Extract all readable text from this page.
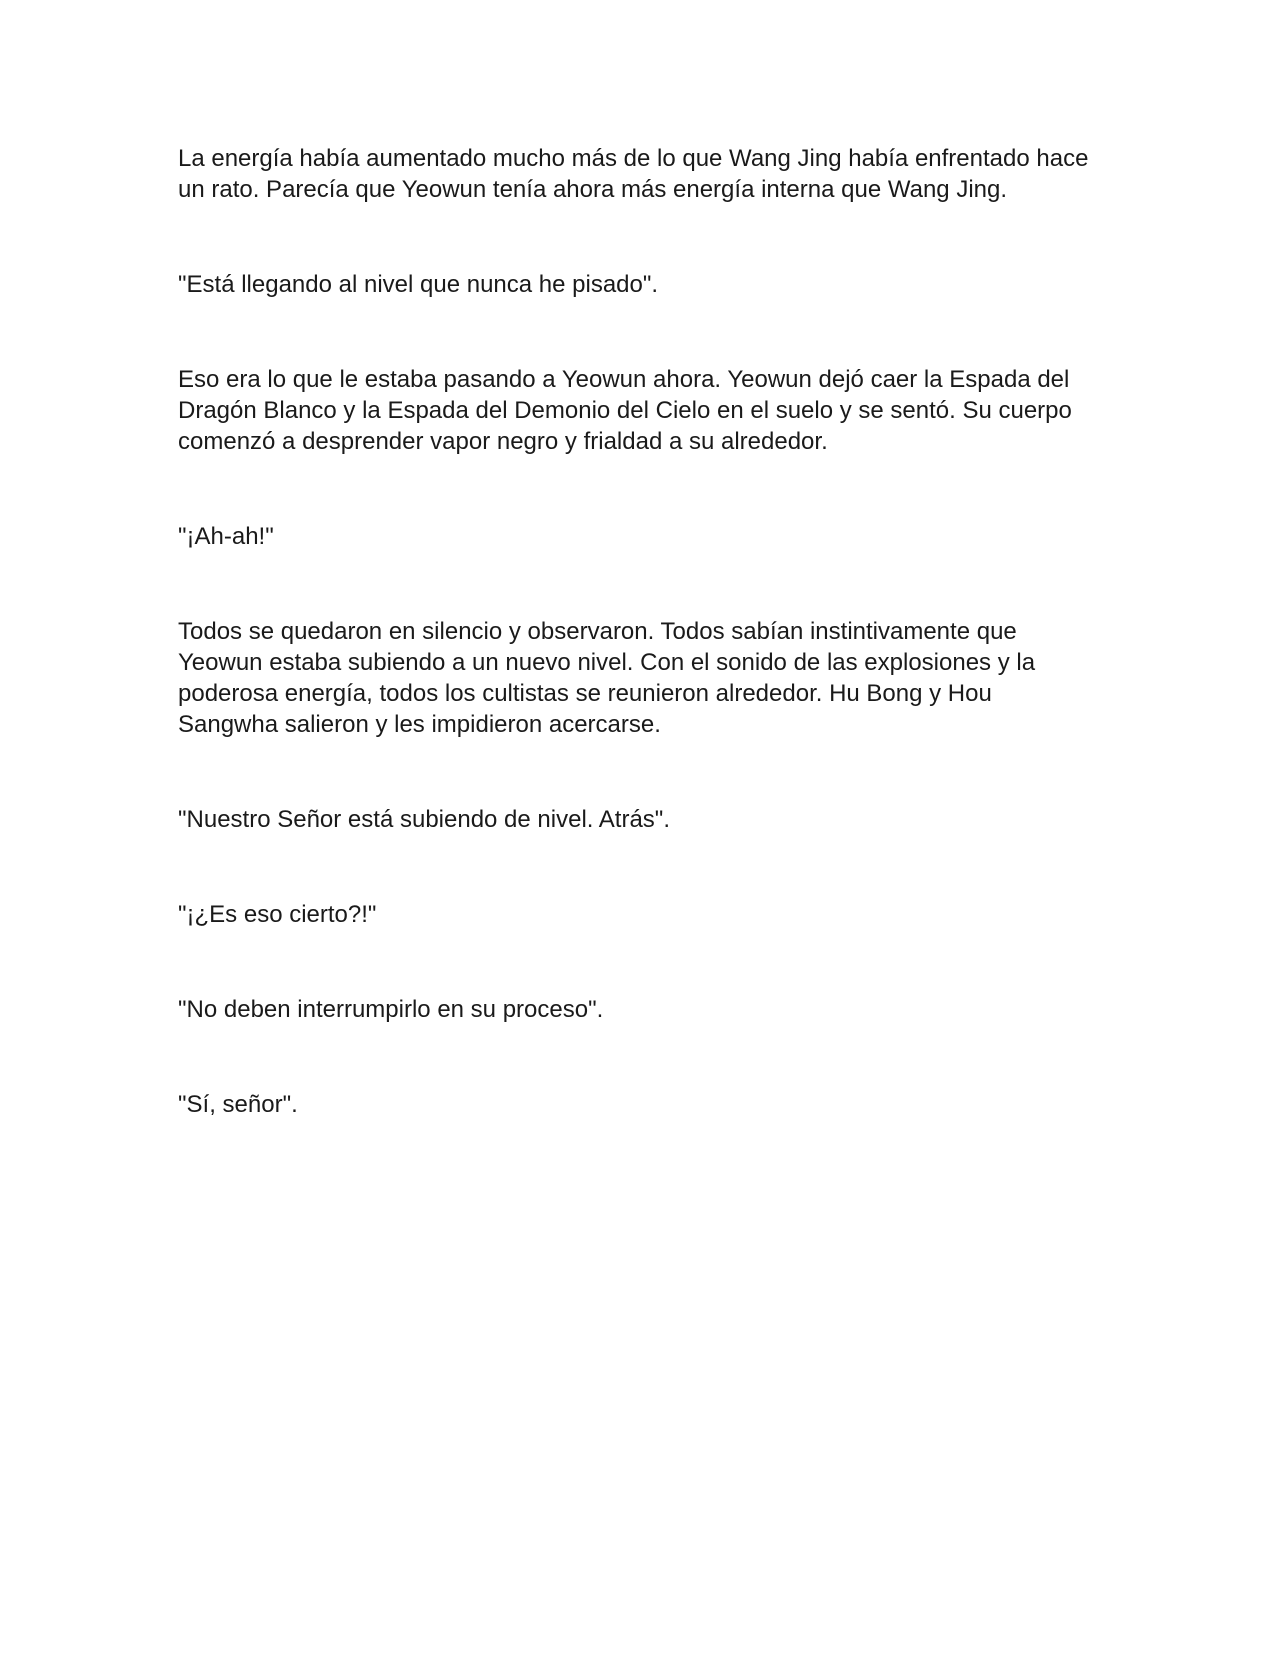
La energía había aumentado mucho más de lo que Wang Jing había enfrentado hace un rato. Parecía que Yeowun tenía ahora más energía interna que Wang Jing.

"Está llegando al nivel que nunca he pisado".

Eso era lo que le estaba pasando a Yeowun ahora. Yeowun dejó caer la Espada del Dragón Blanco y la Espada del Demonio del Cielo en el suelo y se sentó. Su cuerpo comenzó a desprender vapor negro y frialdad a su alrededor.

"¡Ah-ah!"

Todos se quedaron en silencio y observaron. Todos sabían instintivamente que Yeowun estaba subiendo a un nuevo nivel. Con el sonido de las explosiones y la poderosa energía, todos los cultistas se reunieron alrededor. Hu Bong y Hou Sangwha salieron y les impidieron acercarse.

"Nuestro Señor está subiendo de nivel. Atrás".

"¡¿Es eso cierto?!"

"No deben interrumpirlo en su proceso".

"Sí, señor".
